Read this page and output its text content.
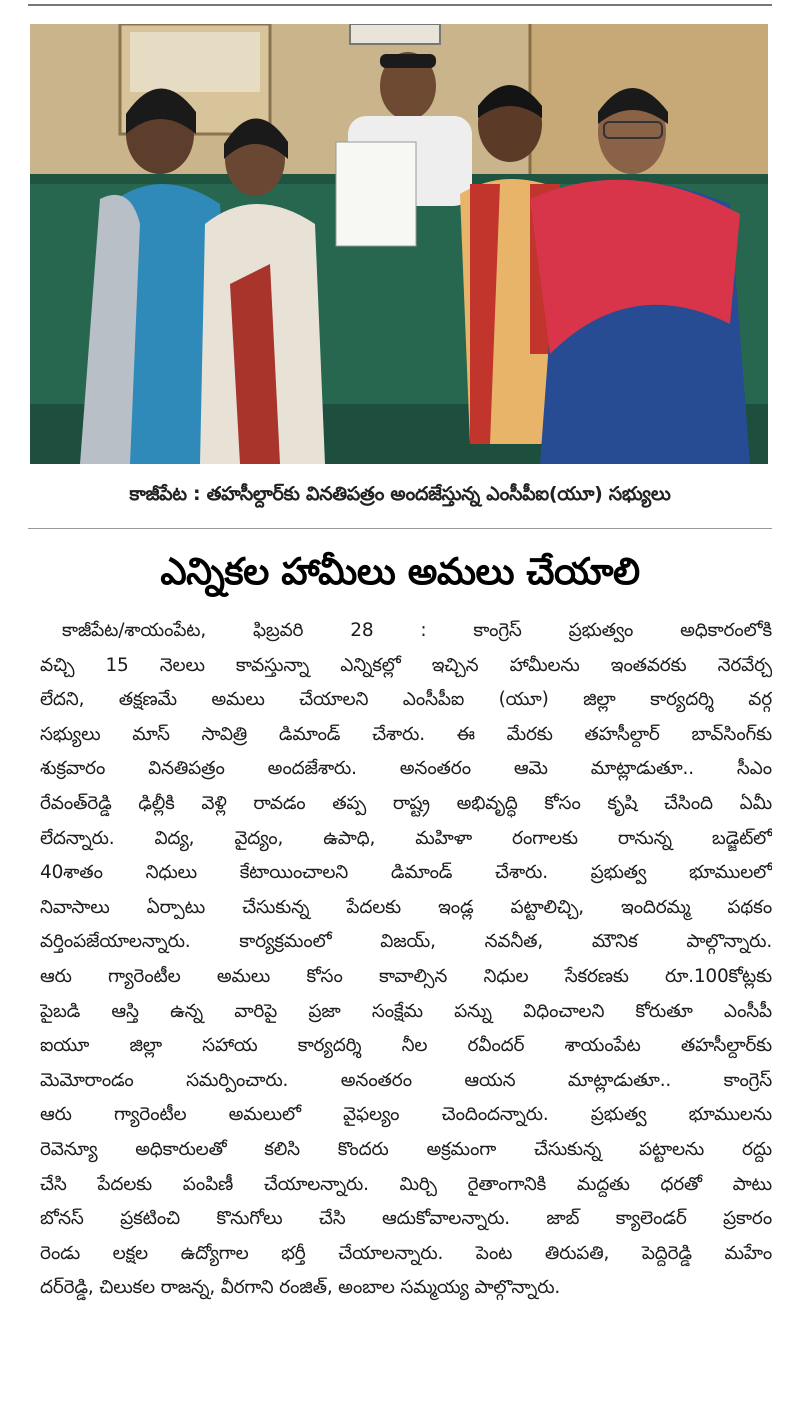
కాజీపేట : తహసీల్దార్‌కు వినతిపత్రం అందజేస్తున్న ఎంసీపీఐ(యూ) సభ్యులు
ఎన్నికల హామీలు అమలు చేయాలి
కాజీపేట/శాయంపేట, ఫిబ్రవరి 28 : కాంగ్రెస్ ప్రభుత్వం అధికారంలోకి
వచ్చి 15 నెలలు కావస్తున్నా ఎన్నికల్లో ఇచ్చిన హామీలను ఇంతవరకు నెరవేర్చ
లేదని, తక్షణమే అమలు చేయాలని ఎంసీపీఐ (యూ) జిల్లా కార్యదర్శి వర్గ
సభ్యులు మాస్ సావిత్రి డిమాండ్ చేశారు. ఈ మేరకు తహసీల్దార్ బావ్‌సింగ్‌కు
శుక్రవారం వినతిపత్రం అందజేశారు. అనంతరం ఆమె మాట్లాడుతూ.. సీఎం
రేవంత్‌రెడ్డి ఢిల్లీకి వెళ్లి రావడం తప్ప రాష్ట్ర అభివృద్ధి కోసం కృషి చేసింది ఏమీ
లేదన్నారు. విద్య, వైద్యం, ఉపాధి, మహిళా రంగాలకు రానున్న బడ్జెట్‌లో
40శాతం నిధులు కేటాయించాలని డిమాండ్ చేశారు. ప్రభుత్వ భూములలో
నివాసాలు ఏర్పాటు చేసుకున్న పేదలకు ఇండ్ల పట్టాలిచ్చి, ఇందిరమ్మ పథకం
వర్తింపజేయాలన్నారు. కార్యక్రమంలో విజయ్, నవనీత, మౌనిక పాల్గొన్నారు.
ఆరు గ్యారెంటీల అమలు కోసం కావాల్సిన నిధుల సేకరణకు రూ.100కోట్లకు
పైబడి ఆస్తి ఉన్న వారిపై ప్రజా సంక్షేమ పన్ను విధించాలని కోరుతూ ఎంసీపీ
ఐయూ జిల్లా సహాయ కార్యదర్శి నీల రవీందర్ శాయంపేట తహసీల్దార్‌కు
మెమోరాండం సమర్పించారు. అనంతరం ఆయన మాట్లాడుతూ.. కాంగ్రెస్
ఆరు గ్యారెంటీల అమలులో వైఫల్యం చెందిందన్నారు. ప్రభుత్వ భూములను
రెవెన్యూ అధికారులతో కలిసి కొందరు అక్రమంగా చేసుకున్న పట్టాలను రద్దు
చేసి పేదలకు పంపిణీ చేయాలన్నారు. మిర్చి రైతాంగానికి మద్దతు ధరతో పాటు
బోనస్ ప్రకటించి కొనుగోలు చేసి ఆదుకోవాలన్నారు. జాబ్ క్యాలెండర్ ప్రకారం
రెండు లక్షల ఉద్యోగాల భర్తీ చేయాలన్నారు. పెంట తిరుపతి, పెద్దిరెడ్డి మహేం
దర్‌రెడ్డి, చిలుకల రాజన్న, వీరగాని రంజిత్, అంబాల సమ్మయ్య పాల్గొన్నారు.
